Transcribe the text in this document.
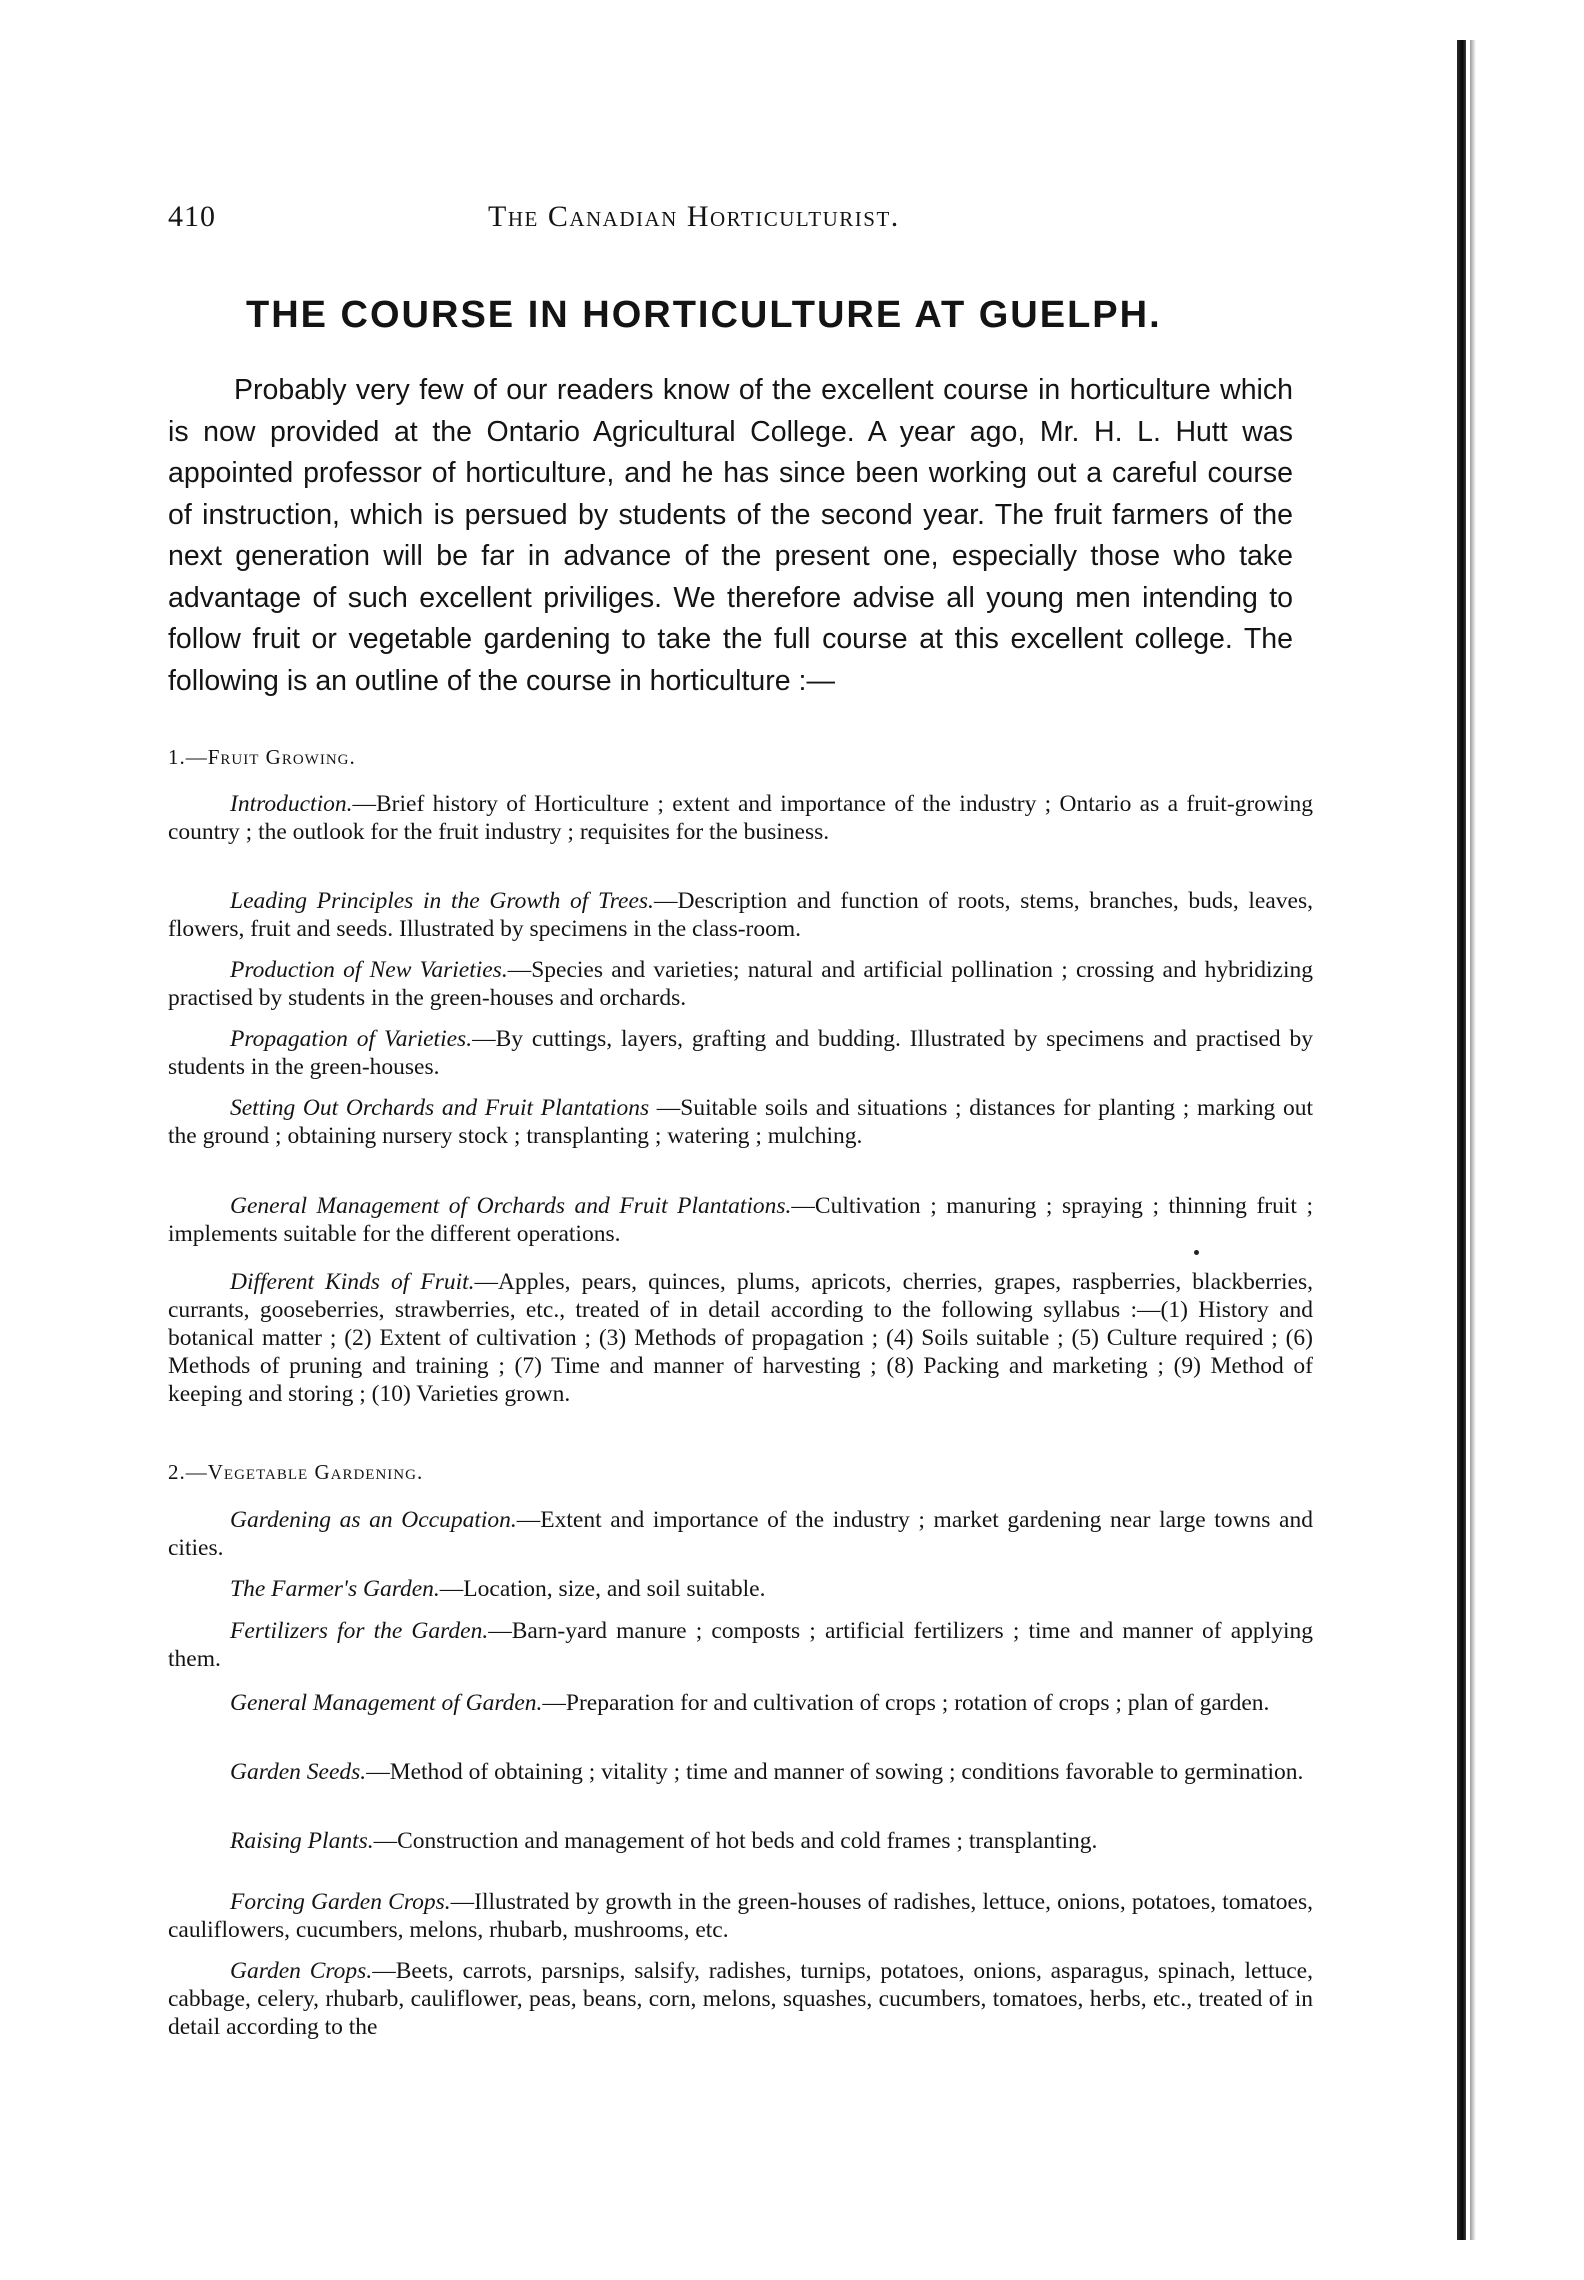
410	The Canadian Horticulturist.
THE COURSE IN HORTICULTURE AT GUELPH.

Probably very few of our readers know of the excellent course in horticulture which is now provided at the Ontario Agricultural College. A year ago, Mr. H. L. Hutt was appointed professor of horticulture, and he has since been working out a careful course of instruction, which is persued by students of the second year. The fruit farmers of the next generation will be far in advance of the present one, especially those who take advantage of such excellent priviliges. We therefore advise all young men intending to follow fruit or vegetable gardening to take the full course at this excellent college. The following is an outline of the course in horticulture :—

1.—Fruit Growing.

Introduction.—Brief history of Horticulture ; extent and importance of the industry ; Ontario as a fruit-growing country ; the outlook for the fruit industry ; requisites for the business.

Leading Principles in the Growth of Trees.—Description and function of roots, stems, branches, buds, leaves, flowers, fruit and seeds. Illustrated by specimens in the class-room.

Production of New Varieties.—Species and varieties; natural and artificial pollination ; crossing and hybridizing practised by students in the green-houses and orchards.

Propagation of Varieties.—By cuttings, layers, grafting and budding. Illustrated by specimens and practised by students in the green-houses.

Setting Out Orchards and Fruit Plantations —Suitable soils and situations ; distances for planting ; marking out the ground ; obtaining nursery stock ; transplanting ; watering ; mulching.

General Management of Orchards and Fruit Plantations.—Cultivation ; manuring ; spraying ; thinning fruit ; implements suitable for the different operations.

Different Kinds of Fruit.—Apples, pears, quinces, plums, apricots, cherries, grapes, raspberries, blackberries, currants, gooseberries, strawberries, etc., treated of in detail according to the following syllabus :—(1) History and botanical matter ; (2) Extent of cultivation ; (3) Methods of propagation ; (4) Soils suitable ; (5) Culture required ; (6) Methods of pruning and training ; (7) Time and manner of harvesting ; (8) Packing and marketing ; (9) Method of keeping and storing ; (10) Varieties grown.

2.—Vegetable Gardening.

Gardening as an Occupation.—Extent and importance of the industry ; market gardening near large towns and cities.

The Farmer's Garden.—Location, size, and soil suitable.

Fertilizers for the Garden.—Barn-yard manure ; composts ; artificial fertilizers ; time and manner of applying them.

General Management of Garden.—Preparation for and cultivation of crops ; rotation of crops ; plan of garden.

Garden Seeds.—Method of obtaining ; vitality ; time and manner of sowing ; conditions favorable to germination.

Raising Plants.—Construction and management of hot beds and cold frames ; transplanting.

Forcing Garden Crops.—Illustrated by growth in the green-houses of radishes, lettuce, onions, potatoes, tomatoes, cauliflowers, cucumbers, melons, rhubarb, mushrooms, etc.

Garden Crops.—Beets, carrots, parsnips, salsify, radishes, turnips, potatoes, onions, asparagus, spinach, lettuce, cabbage, celery, rhubarb, cauliflower, peas, beans, corn, melons, squashes, cucumbers, tomatoes, herbs, etc., treated of in detail according to the
